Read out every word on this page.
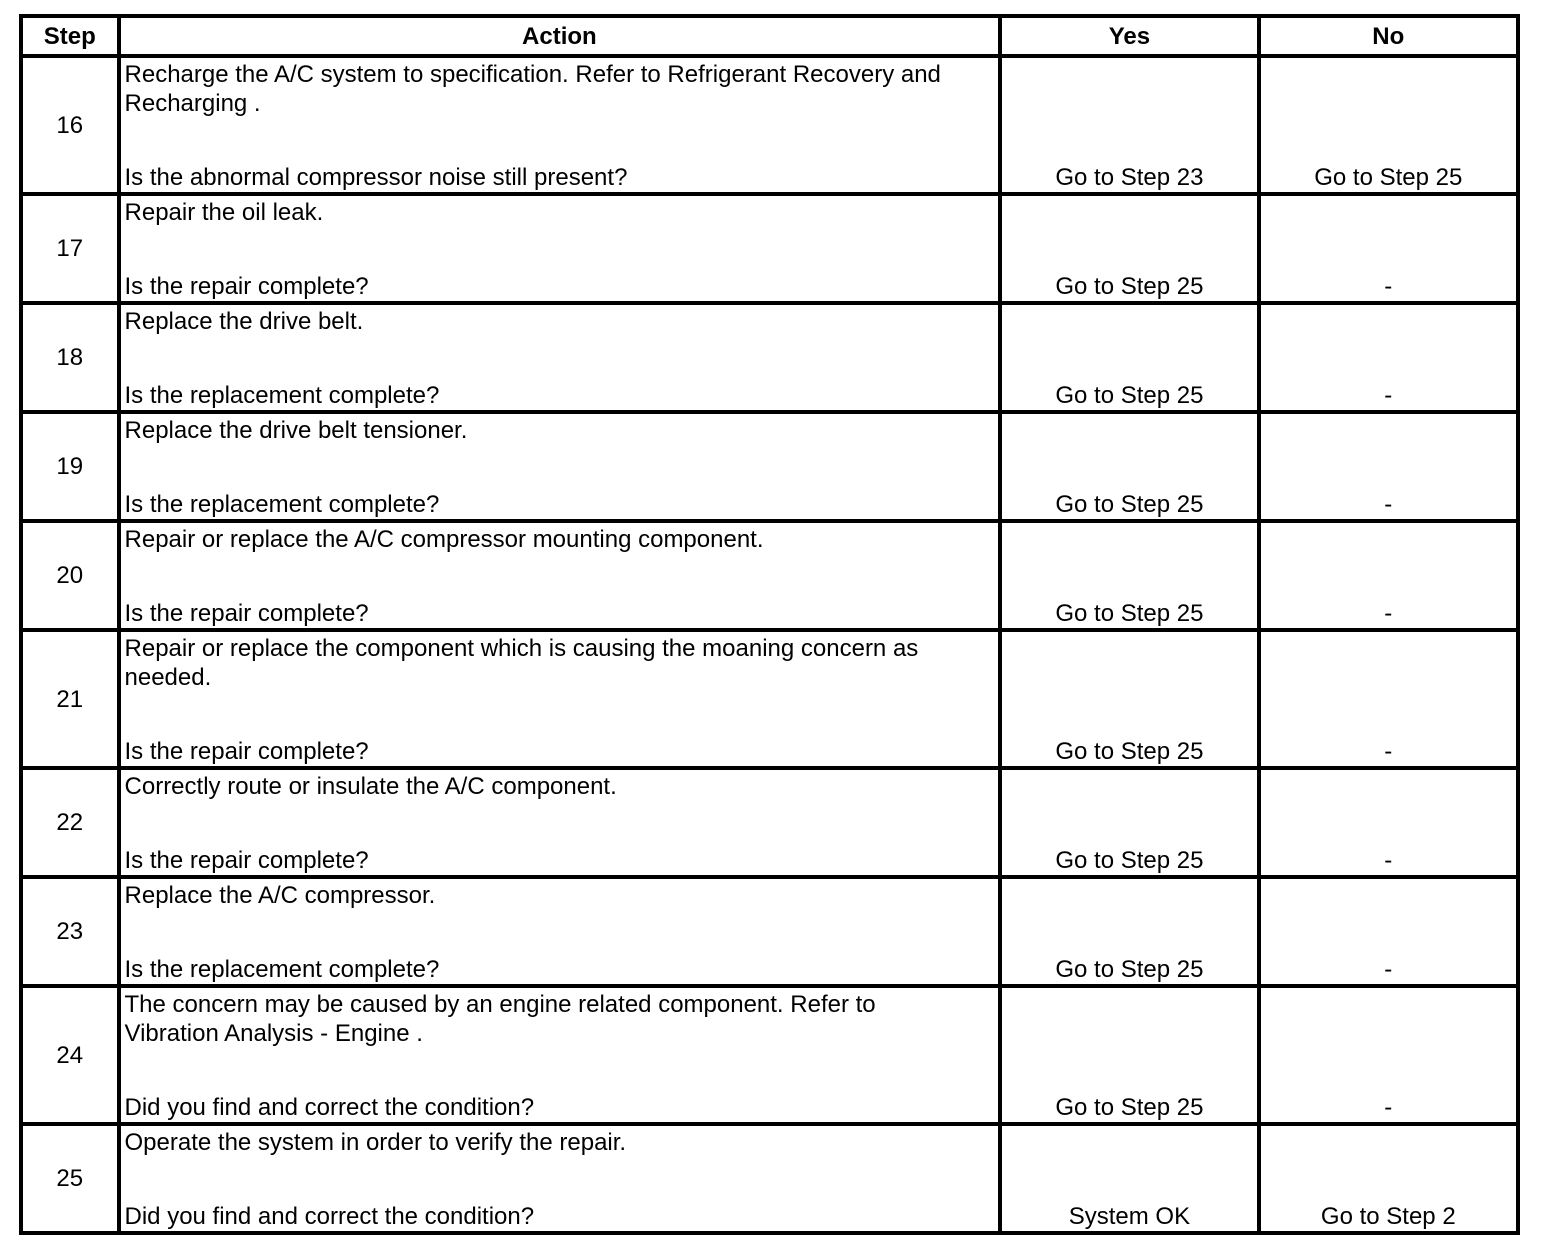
Step	Action	Yes	No
16	Recharge the A/C system to specification. Refer to Refrigerant Recovery and
Recharging .
Is the abnormal compressor noise still present?	Go to Step 23	Go to Step 25
17	Repair the oil leak.
Is the repair complete?	Go to Step 25	-
18	Replace the drive belt.
Is the replacement complete?	Go to Step 25	-
19	Replace the drive belt tensioner.
Is the replacement complete?	Go to Step 25	-
20	Repair or replace the A/C compressor mounting component.
Is the repair complete?	Go to Step 25	-
21	Repair or replace the component which is causing the moaning concern as
needed.
Is the repair complete?	Go to Step 25	-
22	Correctly route or insulate the A/C component.
Is the repair complete?	Go to Step 25	-
23	Replace the A/C compressor.
Is the replacement complete?	Go to Step 25	-
24	The concern may be caused by an engine related component. Refer to
Vibration Analysis - Engine .
Did you find and correct the condition?	Go to Step 25	-
25	Operate the system in order to verify the repair.
Did you find and correct the condition?	System OK	Go to Step 2
